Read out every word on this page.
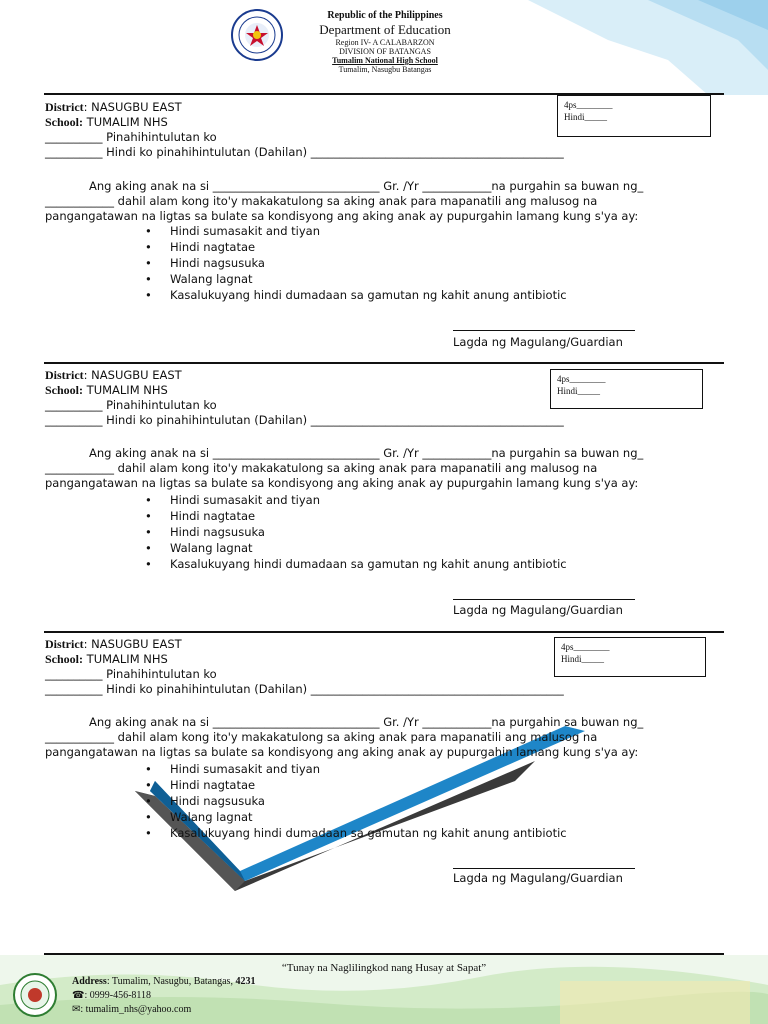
Republic of the Philippines
Department of Education
Region IV- A CALABARZON
DIVISION OF BATANGAS
Tumalim National High School
Tumalim, Nasugbu Batangas
District: NASUGBU EAST
School: TUMALIM NHS
__________ Pinahihintulutan ko
__________ Hindi ko pinahihintulutan (Dahilan) ____________________________________________
4ps________
Hindi_____
Ang aking anak na si _____________________________ Gr. /Yr ____________na purgahin sa buwan ng_
____________ dahil alam kong ito'y makakatulong sa aking anak para mapanatili ang malusog na
pangangatawan na ligtas sa bulate sa kondisyong ang aking anak ay pupurgahin lamang kung s'ya ay:
• Hindi sumasakit and tiyan
• Hindi nagtatae
• Hindi nagsusuka
• Walang lagnat
• Kasalukuyang hindi dumadaan sa gamutan ng kahit anung antibiotic
Lagda ng Magulang/Guardian
District: NASUGBU EAST
School: TUMALIM NHS
__________ Pinahihintulutan ko
__________ Hindi ko pinahihintulutan (Dahilan) ____________________________________________
4ps________
Hindi_____
Ang aking anak na si _____________________________ Gr. /Yr ____________na purgahin sa buwan ng_
____________ dahil alam kong ito'y makakatulong sa aking anak para mapanatili ang malusog na
pangangatawan na ligtas sa bulate sa kondisyong ang aking anak ay pupurgahin lamang kung s'ya ay:
• Hindi sumasakit and tiyan
• Hindi nagtatae
• Hindi nagsusuka
• Walang lagnat
• Kasalukuyang hindi dumadaan sa gamutan ng kahit anung antibiotic
Lagda ng Magulang/Guardian
District: NASUGBU EAST
School: TUMALIM NHS
__________ Pinahihintulutan ko
__________ Hindi ko pinahihintulutan (Dahilan) ____________________________________________
4ps________
Hindi_____
Ang aking anak na si _____________________________ Gr. /Yr ____________na purgahin sa buwan ng_
____________ dahil alam kong ito'y makakatulong sa aking anak para mapanatili ang malusog na
pangangatawan na ligtas sa bulate sa kondisyong ang aking anak ay pupurgahin lamang kung s'ya ay:
• Hindi sumasakit and tiyan
• Hindi nagtatae
• Hindi nagsusuka
• Walang lagnat
• Kasalukuyang hindi dumadaan sa gamutan ng kahit anung antibiotic
Lagda ng Magulang/Guardian
“Tunay na Naglilingkod nang Husay at Sapat”
Address: Tumalim, Nasugbu, Batangas, 4231
☎: 0999-456-8118
✉: tumalim_nhs@yahoo.com
